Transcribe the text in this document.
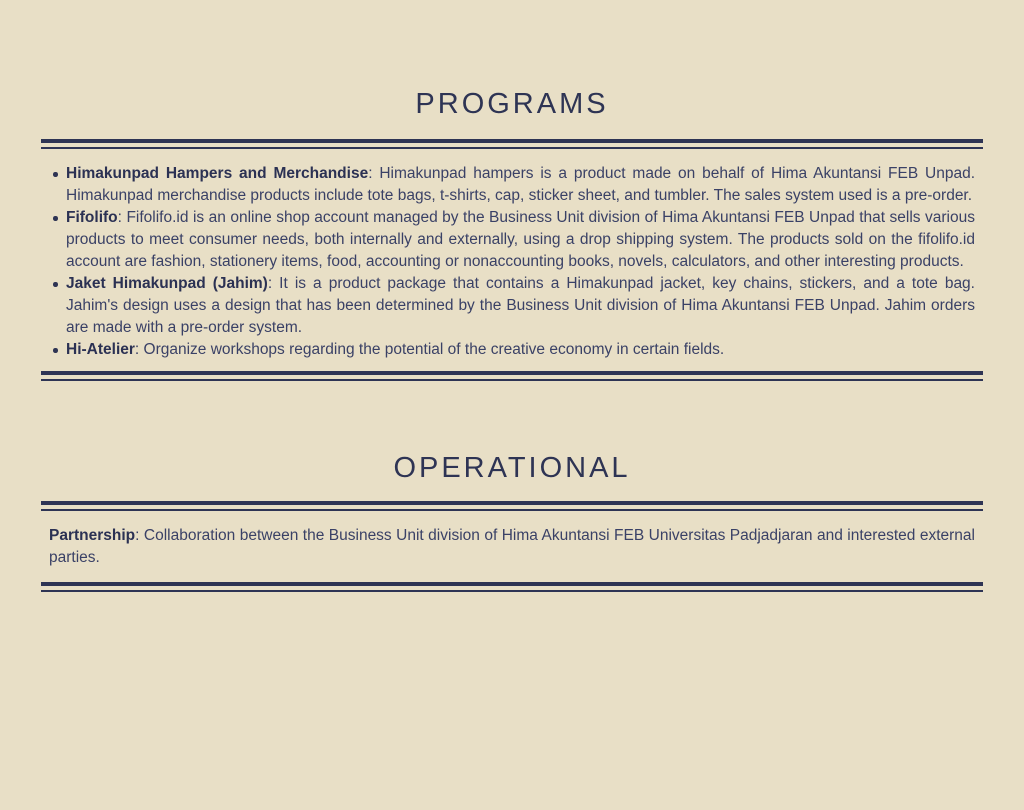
PROGRAMS
Himakunpad Hampers and Merchandise: Himakunpad hampers is a product made on behalf of Hima Akuntansi FEB Unpad. Himakunpad merchandise products include tote bags, t-shirts, cap, sticker sheet, and tumbler. The sales system used is a pre-order.
Fifolifo: Fifolifo.id is an online shop account managed by the Business Unit division of Hima Akuntansi FEB Unpad that sells various products to meet consumer needs, both internally and externally, using a drop shipping system. The products sold on the fifolifo.id account are fashion, stationery items, food, accounting or nonaccounting books, novels, calculators, and other interesting products.
Jaket Himakunpad (Jahim): It is a product package that contains a Himakunpad jacket, key chains, stickers, and a tote bag. Jahim's design uses a design that has been determined by the Business Unit division of Hima Akuntansi FEB Unpad. Jahim orders are made with a pre-order system.
Hi-Atelier: Organize workshops regarding the potential of the creative economy in certain fields.
OPERATIONAL

Partnership: Collaboration between the Business Unit division of Hima Akuntansi FEB Universitas Padjadjaran and interested external parties.
